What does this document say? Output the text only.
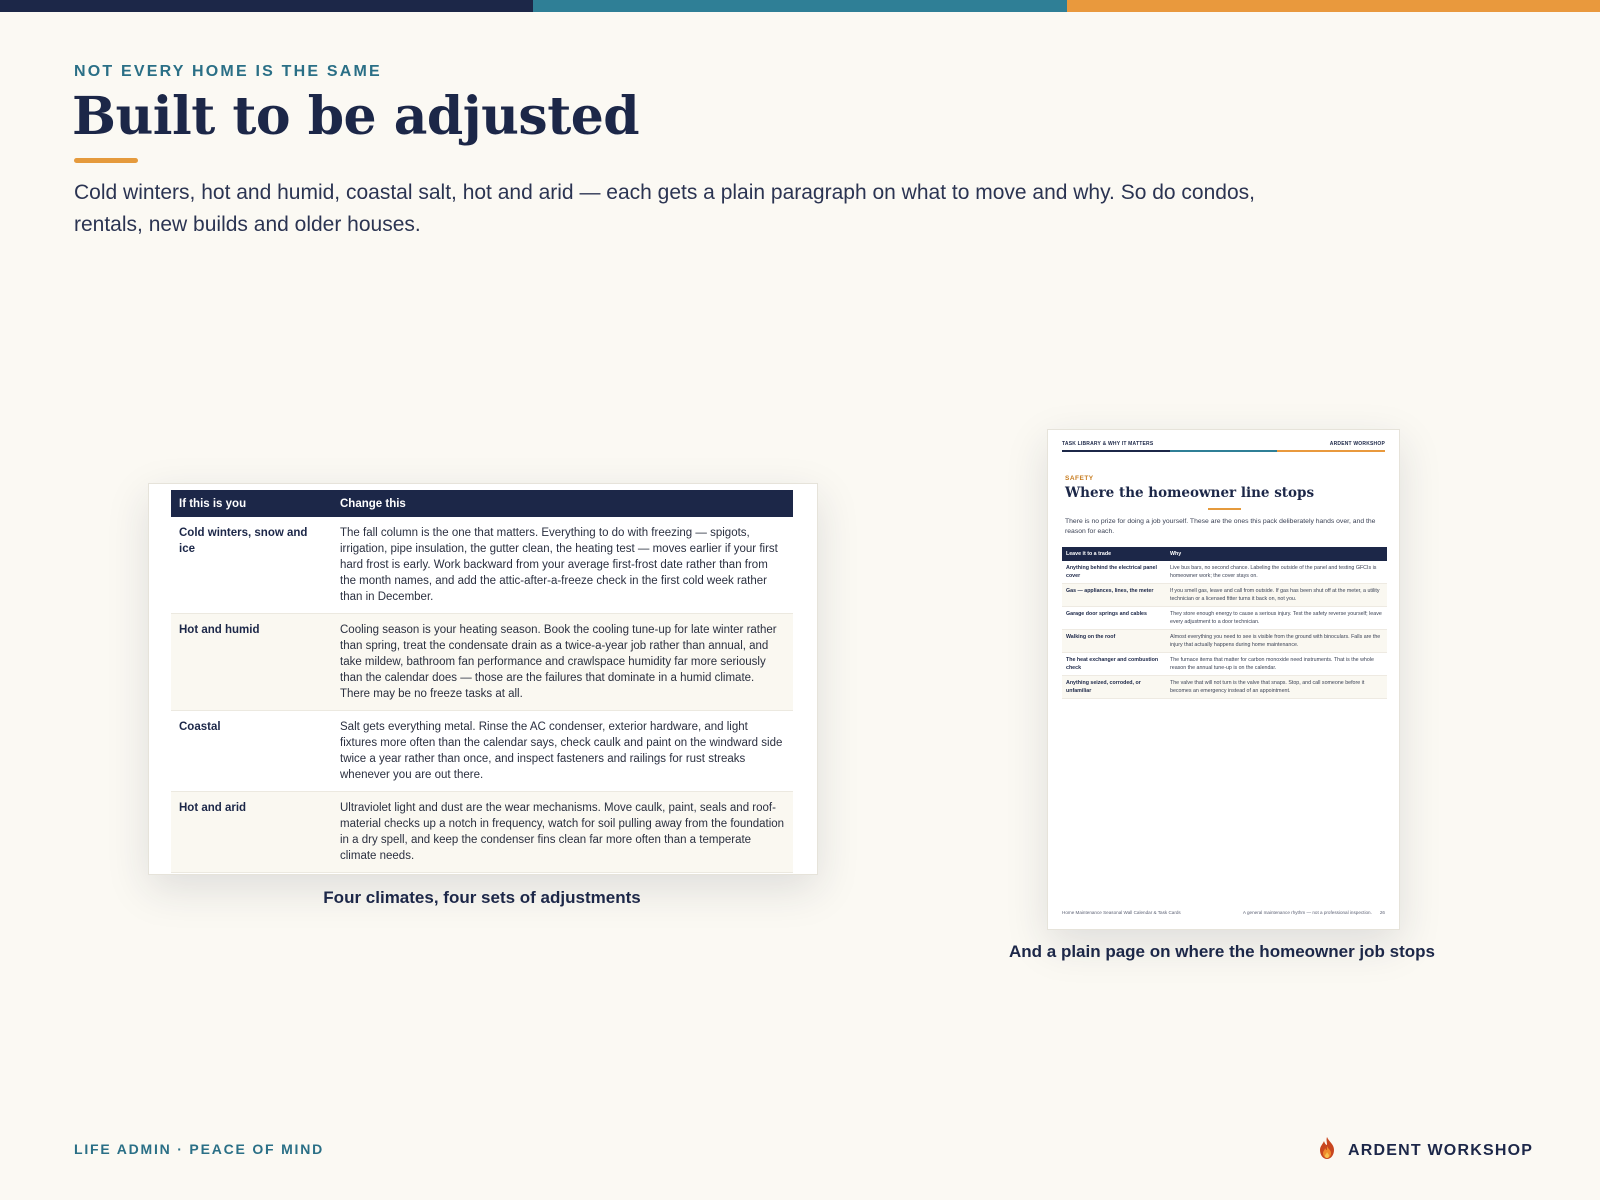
NOT EVERY HOME IS THE SAME
Built to be adjusted

Cold winters, hot and humid, coastal salt, hot and arid — each gets a plain paragraph on what to move and why. So do condos, rentals, new builds and older houses.

If this is you	Change this
Cold winters, snow and ice	The fall column is the one that matters. Everything to do with freezing — spigots, irrigation, pipe insulation, the gutter clean, the heating test — moves earlier if your first hard frost is early. Work backward from your average first-frost date rather than from the month names, and add the attic-after-a-freeze check in the first cold week rather than in December.
Hot and humid	Cooling season is your heating season. Book the cooling tune-up for late winter rather than spring, treat the condensate drain as a twice-a-year job rather than annual, and take mildew, bathroom fan performance and crawlspace humidity far more seriously than the calendar does — those are the failures that dominate in a humid climate. There may be no freeze tasks at all.
Coastal	Salt gets everything metal. Rinse the AC condenser, exterior hardware, and light fixtures more often than the calendar says, check caulk and paint on the windward side twice a year rather than once, and inspect fasteners and railings for rust streaks whenever you are out there.
Hot and arid	Ultraviolet light and dust are the wear mechanisms. Move caulk, paint, seals and roof-material checks up a notch in frequency, watch for soil pulling away from the foundation in a dry spell, and keep the condenser fins clean far more often than a temperate climate needs.
Four climates, four sets of adjustments
TASK LIBRARY & WHY IT MATTERS	ARDENT WORKSHOP
SAFETY
Where the homeowner line stops
There is no prize for doing a job yourself. These are the ones this pack deliberately hands over, and the reason for each.
Leave it to a trade	Why
Anything behind the electrical panel cover	Live bus bars, no second chance. Labeling the outside of the panel and testing GFCIs is homeowner work; the cover stays on.
Gas — appliances, lines, the meter	If you smell gas, leave and call from outside. If gas has been shut off at the meter, a utility technician or a licensed fitter turns it back on, not you.
Garage door springs and cables	They store enough energy to cause a serious injury. Test the safety reverse yourself; leave every adjustment to a door technician.
Walking on the roof	Almost everything you need to see is visible from the ground with binoculars. Falls are the injury that actually happens during home maintenance.
The heat exchanger and combustion check	The furnace items that matter for carbon monoxide need instruments. That is the whole reason the annual tune-up is on the calendar.
Anything seized, corroded, or unfamiliar	The valve that will not turn is the valve that snaps. Stop, and call someone before it becomes an emergency instead of an appointment.
Home Maintenance Seasonal Wall Calendar & Task Cards	A general maintenance rhythm — not a professional inspection. 26
And a plain page on where the homeowner job stops
LIFE ADMIN · PEACE OF MIND	ARDENT WORKSHOP
